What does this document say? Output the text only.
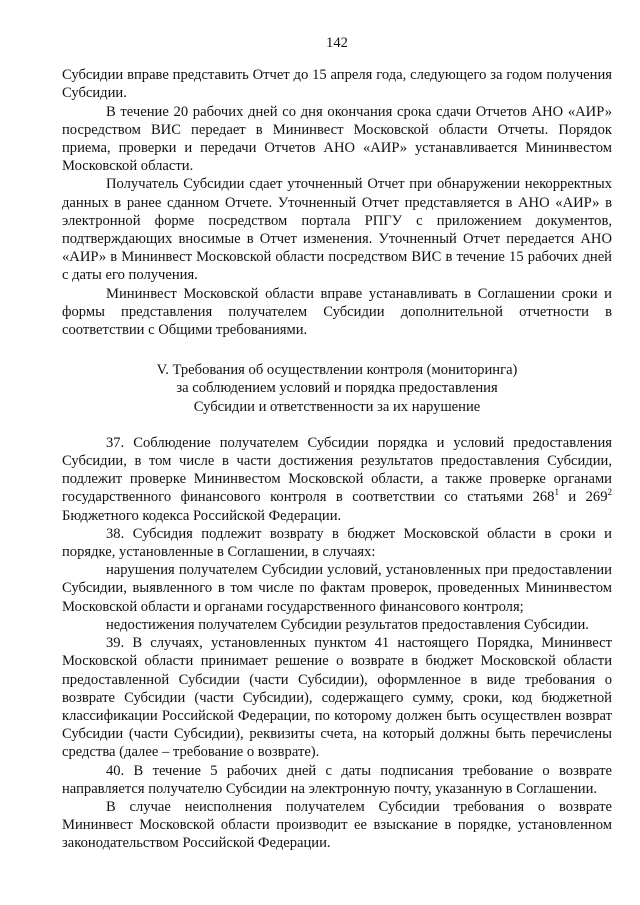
142

Субсидии вправе представить Отчет до 15 апреля года, следующего за годом получения Субсидии.

В течение 20 рабочих дней со дня окончания срока сдачи Отчетов АНО «АИР» посредством ВИС передает в Мининвест Московской области Отчеты. Порядок приема, проверки и передачи Отчетов АНО «АИР» устанавливается Мининвестом Московской области.

Получатель Субсидии сдает уточненный Отчет при обнаружении некорректных данных в ранее сданном Отчете. Уточненный Отчет представляется в АНО «АИР» в электронной форме посредством портала РПГУ с приложением документов, подтверждающих вносимые в Отчет изменения. Уточненный Отчет передается АНО «АИР» в Мининвест Московской области посредством ВИС в течение 15 рабочих дней с даты его получения.

Мининвест Московской области вправе устанавливать в Соглашении сроки и формы представления получателем Субсидии дополнительной отчетности в соответствии с Общими требованиями.

V. Требования об осуществлении контроля (мониторинга)
за соблюдением условий и порядка предоставления
Субсидии и ответственности за их нарушение

37. Соблюдение получателем Субсидии порядка и условий предоставления Субсидии, в том числе в части достижения результатов предоставления Субсидии, подлежит проверке Мининвестом Московской области, а также проверке органами государственного финансового контроля в соответствии со статьями $268^1$ и $269^2$ Бюджетного кодекса Российской Федерации.

38. Субсидия подлежит возврату в бюджет Московской области в сроки и порядке, установленные в Соглашении, в случаях:

нарушения получателем Субсидии условий, установленных при предоставлении Субсидии, выявленного в том числе по фактам проверок, проведенных Мининвестом Московской области и органами государственного финансового контроля;

недостижения получателем Субсидии результатов предоставления Субсидии.

39. В случаях, установленных пунктом 41 настоящего Порядка, Мининвест Московской области принимает решение о возврате в бюджет Московской области предоставленной Субсидии (части Субсидии), оформленное в виде требования о возврате Субсидии (части Субсидии), содержащего сумму, сроки, код бюджетной классификации Российской Федерации, по которому должен быть осуществлен возврат Субсидии (части Субсидии), реквизиты счета, на который должны быть перечислены средства (далее – требование о возврате).

40. В течение 5 рабочих дней с даты подписания требование о возврате направляется получателю Субсидии на электронную почту, указанную в Соглашении.

В случае неисполнения получателем Субсидии требования о возврате Мининвест Московской области производит ее взыскание в порядке, установленном законодательством Российской Федерации.
